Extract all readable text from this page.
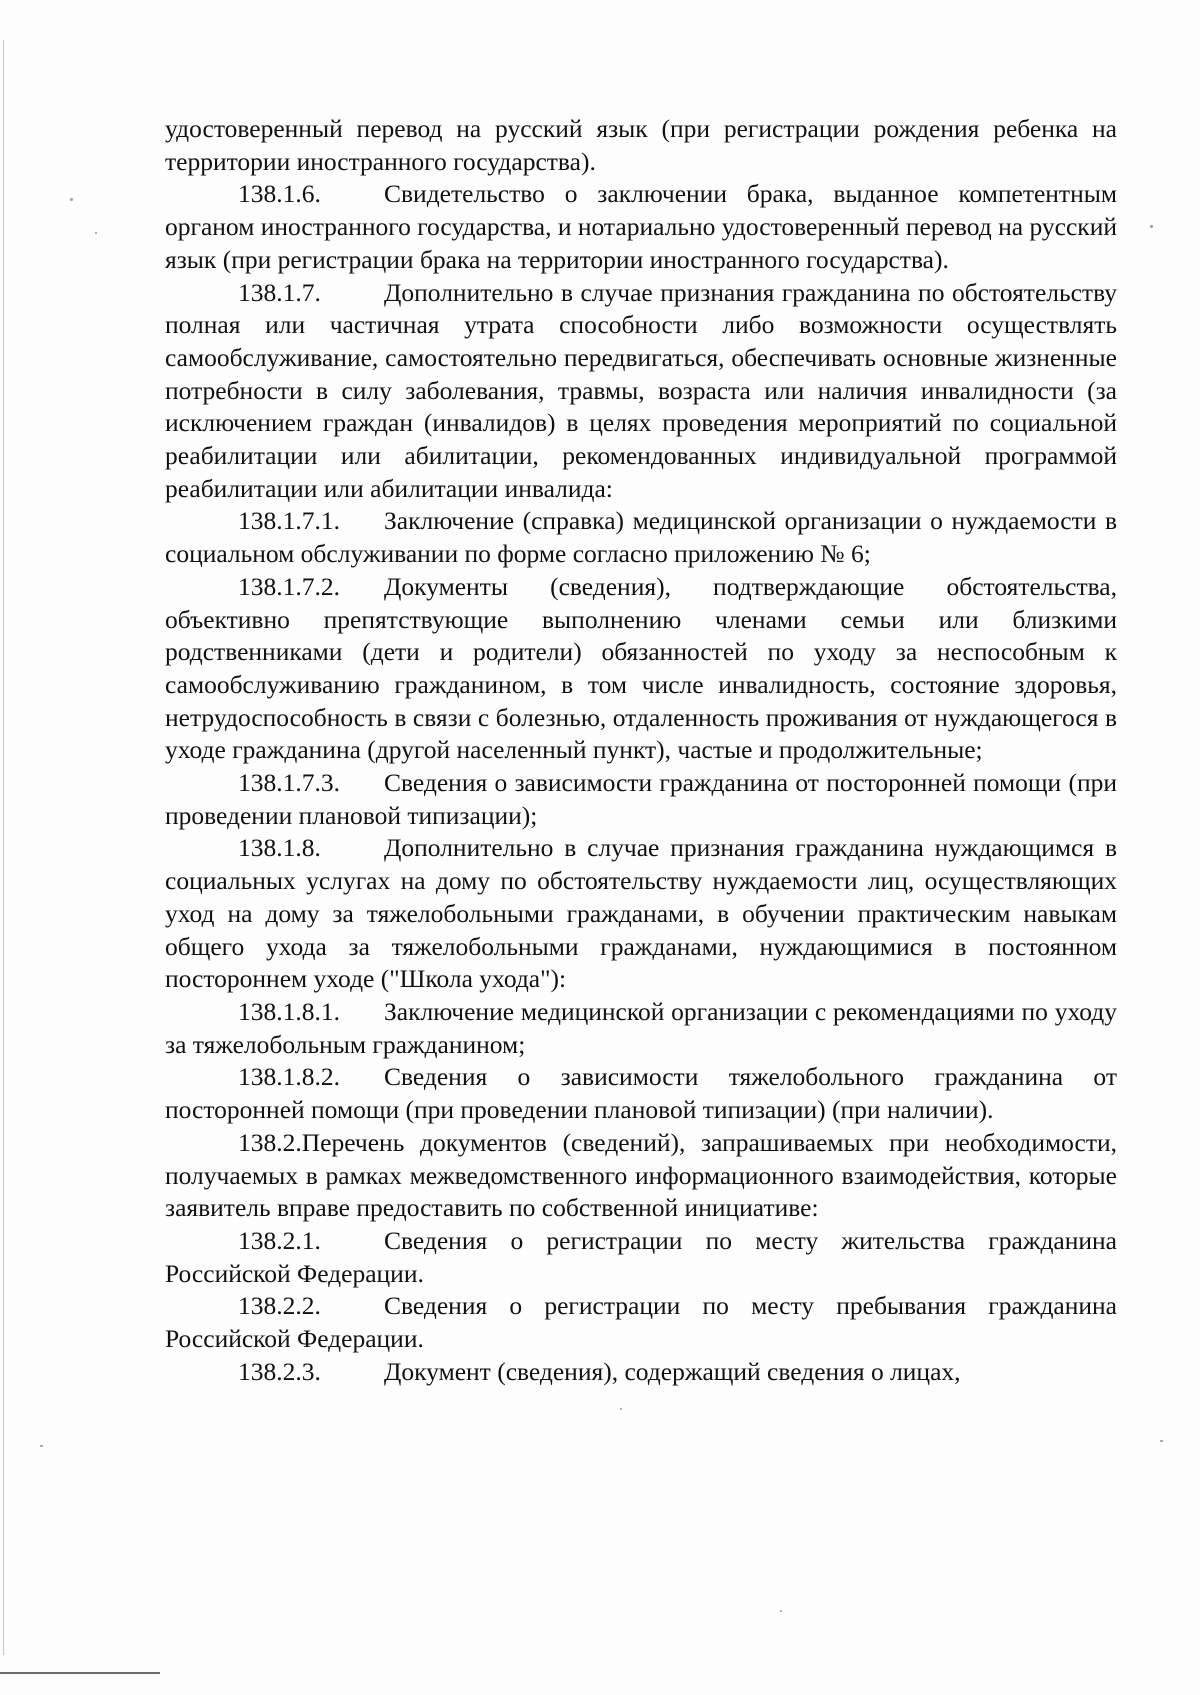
удостоверенный перевод на русский язык (при регистрации рождения ребенка на территории иностранного государства).

138.1.6. Свидетельство о заключении брака, выданное компетентным органом иностранного государства, и нотариально удостоверенный перевод на русский язык (при регистрации брака на территории иностранного государства).

138.1.7. Дополнительно в случае признания гражданина по обстоятельству полная или частичная утрата способности либо возможности осуществлять самообслуживание, самостоятельно передвигаться, обеспечивать основные жизненные потребности в силу заболевания, травмы, возраста или наличия инвалидности (за исключением граждан (инвалидов) в целях проведения мероприятий по социальной реабилитации или абилитации, рекомендованных индивидуальной программой реабилитации или абилитации инвалида:

138.1.7.1. Заключение (справка) медицинской организации о нуждаемости в социальном обслуживании по форме согласно приложению № 6;

138.1.7.2. Документы (сведения), подтверждающие обстоятельства, объективно препятствующие выполнению членами семьи или близкими родственниками (дети и родители) обязанностей по уходу за неспособным к самообслуживанию гражданином, в том числе инвалидность, состояние здоровья, нетрудоспособность в связи с болезнью, отдаленность проживания от нуждающегося в уходе гражданина (другой населенный пункт), частые и продолжительные;

138.1.7.3. Сведения о зависимости гражданина от посторонней помощи (при проведении плановой типизации);

138.1.8. Дополнительно в случае признания гражданина нуждающимся в социальных услугах на дому по обстоятельству нуждаемости лиц, осуществляющих уход на дому за тяжелобольными гражданами, в обучении практическим навыкам общего ухода за тяжелобольными гражданами, нуждающимися в постоянном постороннем уходе ("Школа ухода"):

138.1.8.1. Заключение медицинской организации с рекомендациями по уходу за тяжелобольным гражданином;

138.1.8.2. Сведения о зависимости тяжелобольного гражданина от посторонней помощи (при проведении плановой типизации) (при наличии).

138.2.Перечень документов (сведений), запрашиваемых при необходимости, получаемых в рамках межведомственного информационного взаимодействия, которые заявитель вправе предоставить по собственной инициативе:

138.2.1. Сведения о регистрации по месту жительства гражданина Российской Федерации.

138.2.2. Сведения о регистрации по месту пребывания гражданина Российской Федерации.

138.2.3. Документ (сведения), содержащий сведения о лицах,
